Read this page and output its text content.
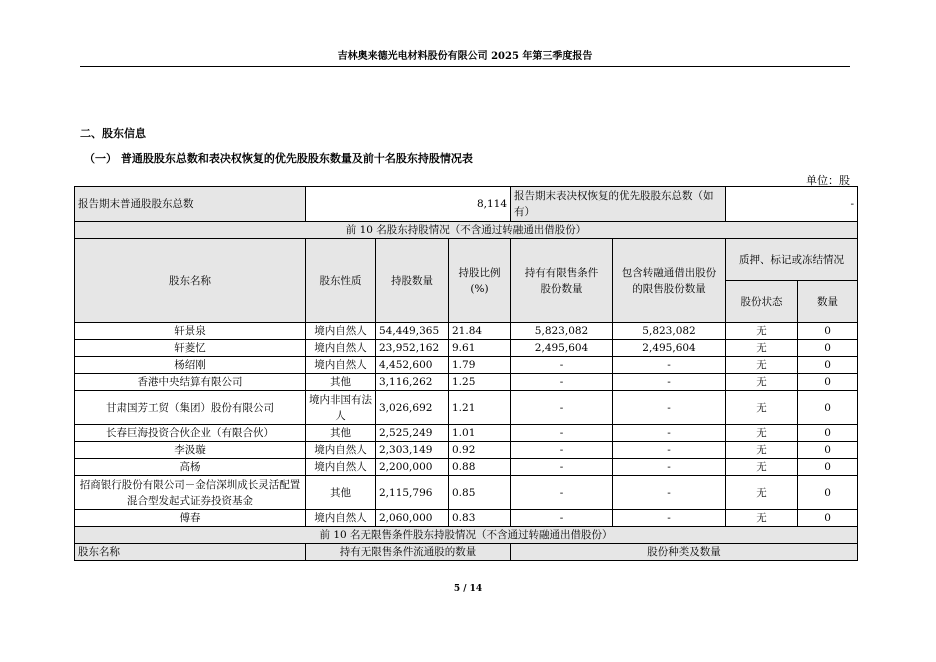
吉林奥来德光电材料股份有限公司 2025 年第三季度报告
二、股东信息
（一） 普通股股东总数和表决权恢复的优先股股东数量及前十名股东持股情况表
单位：股
报告期末普通股股东总数	8,114			报告期末表决权恢复的优先股股东总数（如有）		-	
前 10 名股东持股情况（不含通过转融通出借股份）							
股东名称	股东性质	持股数量	持股比例(%)	持有有限售条件股份数量	包含转融通借出股份的限售股份数量	质押、标记或冻结情况	
						股份状态	数量
轩景泉	境内自然人	54,449,365	21.84	5,823,082	5,823,082	无	0
轩菱忆	境内自然人	23,952,162	9.61	2,495,604	2,495,604	无	0
杨绍刚	境内自然人	4,452,600	1.79	-	-	无	0
香港中央结算有限公司	其他	3,116,262	1.25	-	-	无	0
甘肃国芳工贸（集团）股份有限公司	境内非国有法人	3,026,692	1.21	-	-	无	0
长春巨海投资合伙企业（有限合伙）	其他	2,525,249	1.01	-	-	无	0
李汲璇	境内自然人	2,303,149	0.92	-	-	无	0
高杨	境内自然人	2,200,000	0.88	-	-	无	0
招商银行股份有限公司－金信深圳成长灵活配置混合型发起式证券投资基金	其他	2,115,796	0.85	-	-	无	0
傅春	境内自然人	2,060,000	0.83	-	-	无	0
前 10 名无限售条件股东持股情况（不含通过转融通出借股份）							
股东名称	持有无限售条件流通股的数量			股份种类及数量			
5 / 14
